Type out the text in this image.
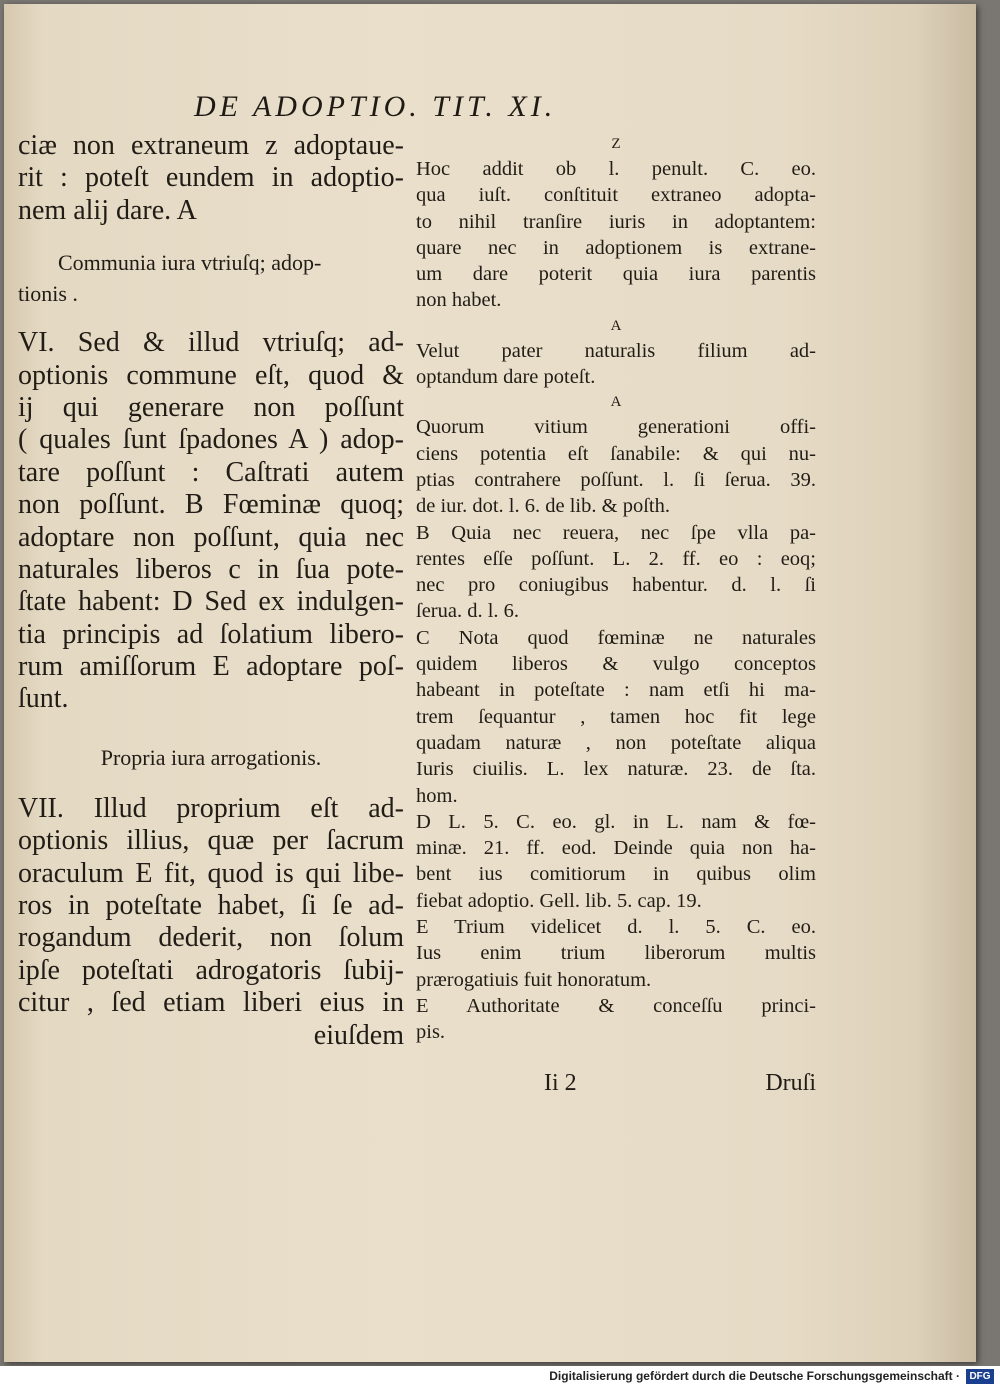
DE ADOPTIO. TIT. XI.
ciæ non extraneum z adoptaue-
rit : poteſt eundem in adoptio-
nem alij dare. A
Communia iura vtriuſq; adop-
tionis .
VI. Sed & illud vtriuſq; ad-
optionis commune eſt, quod &
ij qui generare non poſſunt
( quales ſunt ſpadones A ) adop-
tare poſſunt : Caſtrati autem
non poſſunt. B Fœminæ quoq;
adoptare non poſſunt, quia nec
naturales liberos c in ſua pote-
ſtate habent: D Sed ex indulgen-
tia principis ad ſolatium libero-
rum amiſſorum E adoptare poſ-
ſunt.
Propria iura arrogationis.
VII. Illud proprium eſt ad-
optionis illius, quæ per ſacrum
oraculum E fit, quod is qui libe-
ros in poteſtate habet, ſi ſe ad-
rogandum dederit, non ſolum
ipſe poteſtati adrogatoris ſubij-
citur , ſed etiam liberi eius in
eiuſdem
Z
Hoc addit ob l. penult. C. eo.
qua iuſt. conſtituit extraneo adopta-
to nihil tranſire iuris in adoptantem:
quare nec in adoptionem is extrane-
um dare poterit quia iura parentis
non habet.
A
Velut pater naturalis filium ad-
optandum dare poteſt.
A
Quorum vitium generationi offi-
ciens potentia eſt ſanabile: & qui nu-
ptias contrahere poſſunt. l. ſi ſerua. 39.
de iur. dot. l. 6. de lib. & poſth.
B Quia nec reuera, nec ſpe vlla pa-
rentes eſſe poſſunt. L. 2. ff. eo : eoq;
nec pro coniugibus habentur. d. l. ſi
ſerua. d. l. 6.
C Nota quod fœminæ ne naturales
quidem liberos & vulgo conceptos
habeant in poteſtate : nam etſi hi ma-
trem ſequantur , tamen hoc fit lege
quadam naturæ , non poteſtate aliqua
Iuris ciuilis. L. lex naturæ. 23. de ſta.
hom.
D L. 5. C. eo. gl. in L. nam & fœ-
minæ. 21. ff. eod. Deinde quia non ha-
bent ius comitiorum in quibus olim
fiebat adoptio. Gell. lib. 5. cap. 19.
E Trium videlicet d. l. 5. C. eo.
Ius enim trium liberorum multis
prærogatiuis fuit honoratum.
E Authoritate & conceſſu princi-
pis.
Ii 2	Druſi
Digitalisierung gefördert durch die Deutsche Forschungsgemeinschaft · DFG
